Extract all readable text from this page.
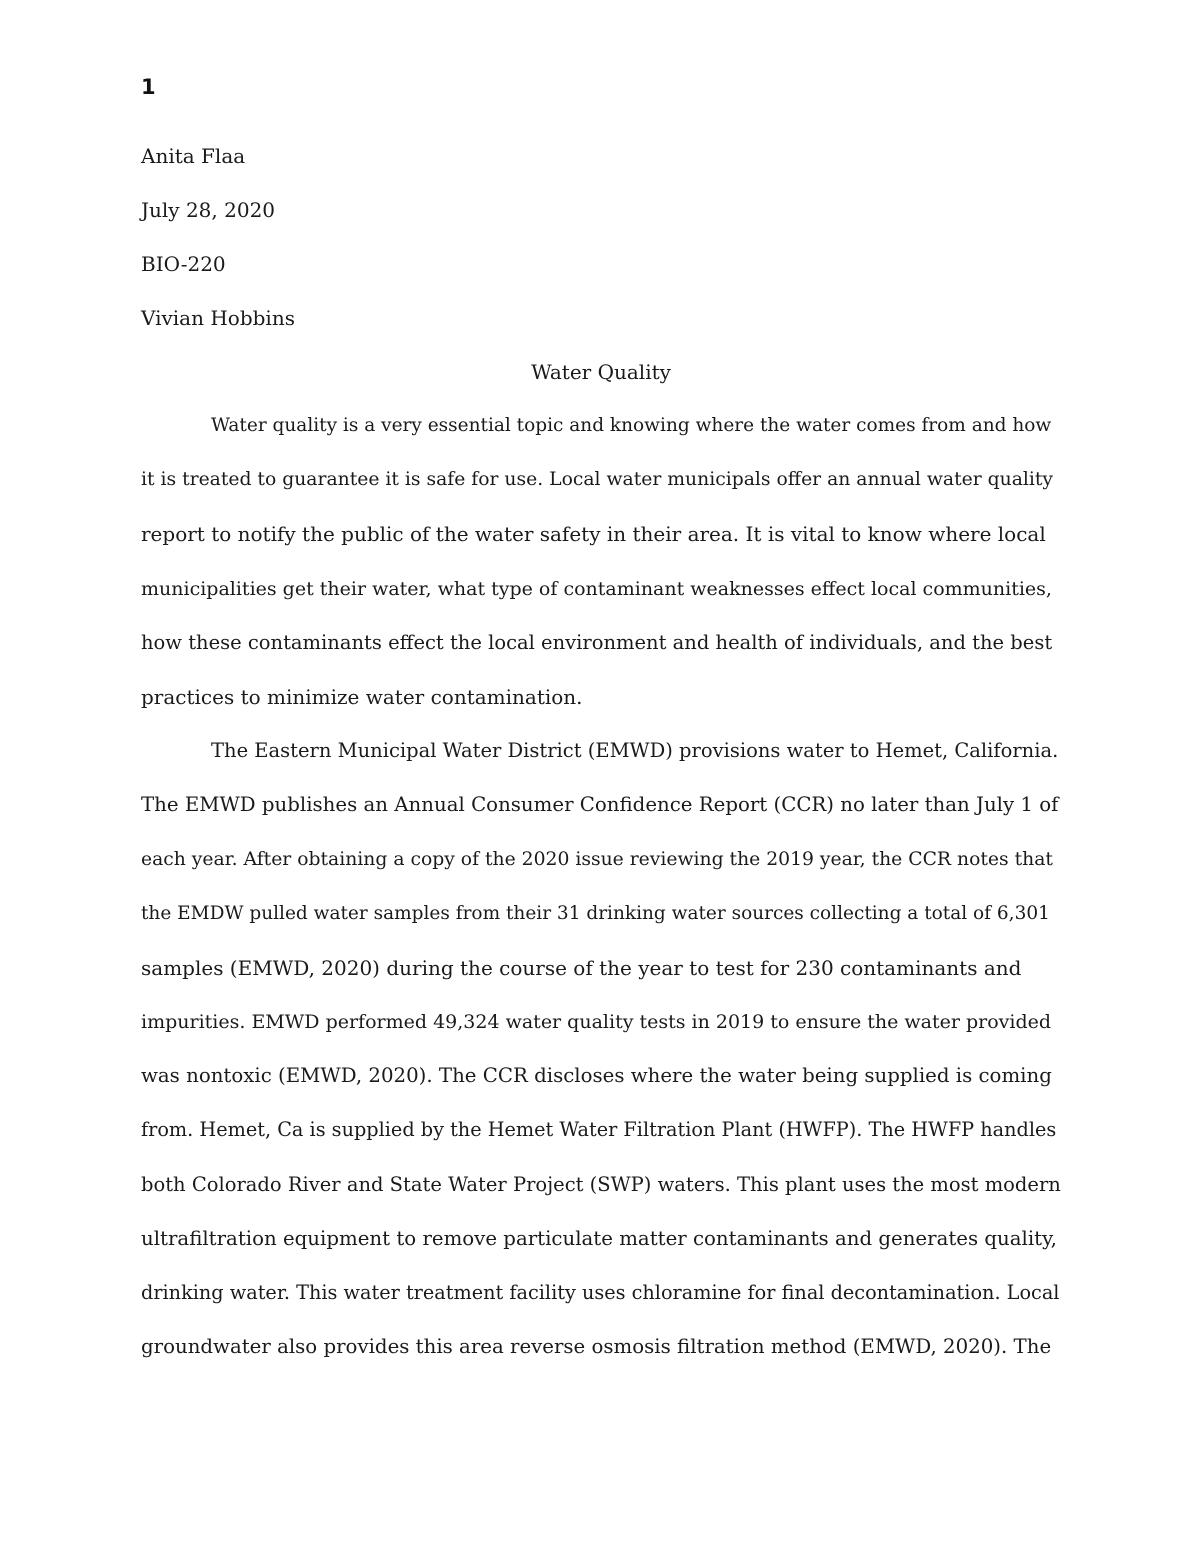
1
Anita Flaa
July 28, 2020
BIO-220
Vivian Hobbins
Water Quality
Water quality is a very essential topic and knowing where the water comes from and how
it is treated to guarantee it is safe for use. Local water municipals offer an annual water quality
report to notify the public of the water safety in their area. It is vital to know where local
municipalities get their water, what type of contaminant weaknesses effect local communities,
how these contaminants effect the local environment and health of individuals, and the best
practices to minimize water contamination.
The Eastern Municipal Water District (EMWD) provisions water to Hemet, California.
The EMWD publishes an Annual Consumer Confidence Report (CCR) no later than July 1 of
each year. After obtaining a copy of the 2020 issue reviewing the 2019 year, the CCR notes that
the EMDW pulled water samples from their 31 drinking water sources collecting a total of 6,301
samples (EMWD, 2020) during the course of the year to test for 230 contaminants and
impurities. EMWD performed 49,324 water quality tests in 2019 to ensure the water provided
was nontoxic (EMWD, 2020). The CCR discloses where the water being supplied is coming
from. Hemet, Ca is supplied by the Hemet Water Filtration Plant (HWFP). The HWFP handles
both Colorado River and State Water Project (SWP) waters. This plant uses the most modern
ultrafiltration equipment to remove particulate matter contaminants and generates quality,
drinking water. This water treatment facility uses chloramine for final decontamination. Local
groundwater also provides this area reverse osmosis filtration method (EMWD, 2020). The
